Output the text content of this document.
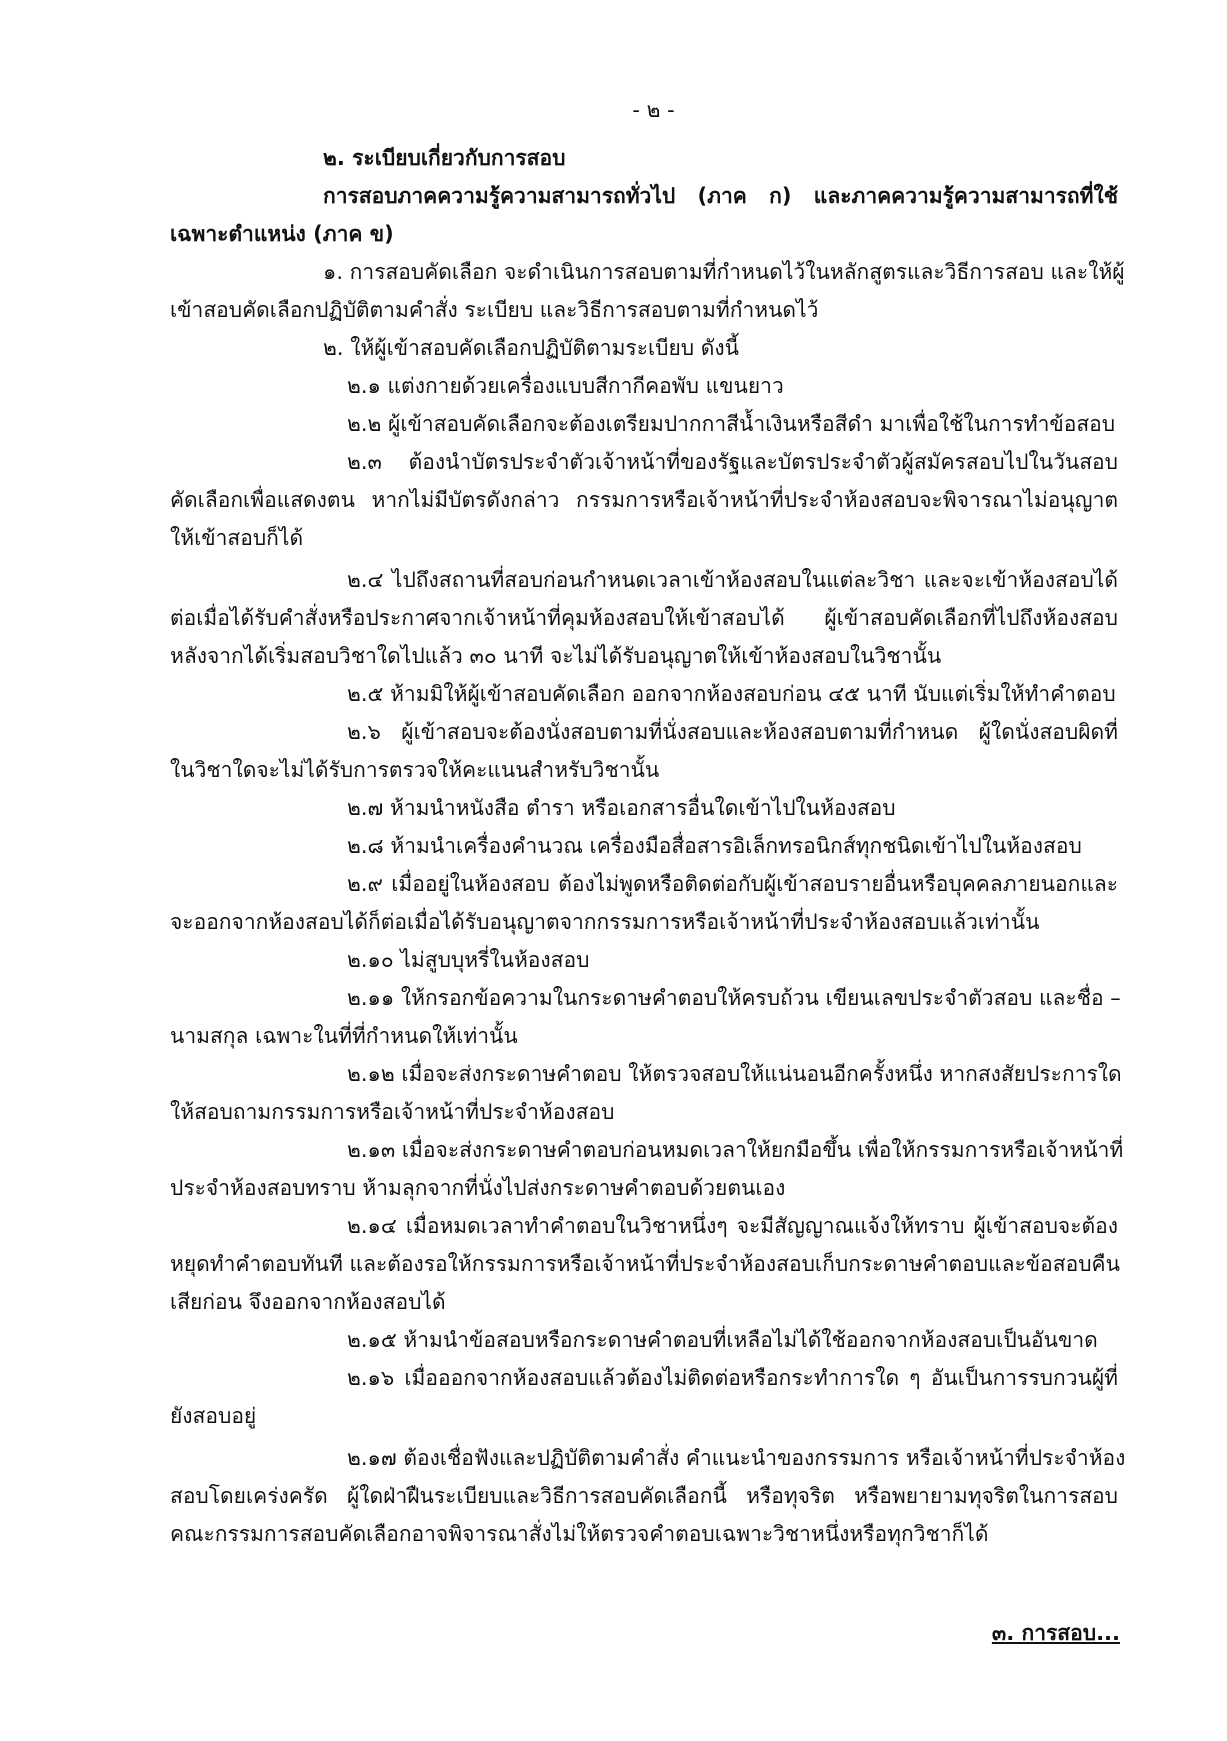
- ๒ -
๒. ระเบียบเกี่ยวกับการสอบ
การสอบภาคความรู้ความสามารถทั่วไป (ภาค ก) และภาคความรู้ความสามารถที่ใช้
เฉพาะตำแหน่ง (ภาค ข)
๑. การสอบคัดเลือก จะดำเนินการสอบตามที่กำหนดไว้ในหลักสูตรและวิธีการสอบ และให้ผู้
เข้าสอบคัดเลือกปฏิบัติตามคำสั่ง ระเบียบ และวิธีการสอบตามที่กำหนดไว้
๒. ให้ผู้เข้าสอบคัดเลือกปฏิบัติตามระเบียบ ดังนี้
๒.๑ แต่งกายด้วยเครื่องแบบสีกากีคอพับ แขนยาว
๒.๒ ผู้เข้าสอบคัดเลือกจะต้องเตรียมปากกาสีน้ำเงินหรือสีดำ มาเพื่อใช้ในการทำข้อสอบ
๒.๓ ต้องนำบัตรประจำตัวเจ้าหน้าที่ของรัฐและบัตรประจำตัวผู้สมัครสอบไปในวันสอบ
คัดเลือกเพื่อแสดงตน หากไม่มีบัตรดังกล่าว กรรมการหรือเจ้าหน้าที่ประจำห้องสอบจะพิจารณาไม่อนุญาต
ให้เข้าสอบก็ได้
๒.๔ ไปถึงสถานที่สอบก่อนกำหนดเวลาเข้าห้องสอบในแต่ละวิชา และจะเข้าห้องสอบได้
ต่อเมื่อได้รับคำสั่งหรือประกาศจากเจ้าหน้าที่คุมห้องสอบให้เข้าสอบได้ ผู้เข้าสอบคัดเลือกที่ไปถึงห้องสอบ
หลังจากได้เริ่มสอบวิชาใดไปแล้ว ๓๐ นาที จะไม่ได้รับอนุญาตให้เข้าห้องสอบในวิชานั้น
๒.๕ ห้ามมิให้ผู้เข้าสอบคัดเลือก ออกจากห้องสอบก่อน ๔๕ นาที นับแต่เริ่มให้ทำคำตอบ
๒.๖ ผู้เข้าสอบจะต้องนั่งสอบตามที่นั่งสอบและห้องสอบตามที่กำหนด ผู้ใดนั่งสอบผิดที่
ในวิชาใดจะไม่ได้รับการตรวจให้คะแนนสำหรับวิชานั้น
๒.๗ ห้ามนำหนังสือ ตำรา หรือเอกสารอื่นใดเข้าไปในห้องสอบ
๒.๘ ห้ามนำเครื่องคำนวณ เครื่องมือสื่อสารอิเล็กทรอนิกส์ทุกชนิดเข้าไปในห้องสอบ
๒.๙ เมื่ออยู่ในห้องสอบ ต้องไม่พูดหรือติดต่อกับผู้เข้าสอบรายอื่นหรือบุคคลภายนอกและ
จะออกจากห้องสอบได้ก็ต่อเมื่อได้รับอนุญาตจากกรรมการหรือเจ้าหน้าที่ประจำห้องสอบแล้วเท่านั้น
๒.๑๐ ไม่สูบบุหรี่ในห้องสอบ
๒.๑๑ ให้กรอกข้อความในกระดาษคำตอบให้ครบถ้วน เขียนเลขประจำตัวสอบ และชื่อ –
นามสกุล เฉพาะในที่ที่กำหนดให้เท่านั้น
๒.๑๒ เมื่อจะส่งกระดาษคำตอบ ให้ตรวจสอบให้แน่นอนอีกครั้งหนึ่ง หากสงสัยประการใด
ให้สอบถามกรรมการหรือเจ้าหน้าที่ประจำห้องสอบ
๒.๑๓ เมื่อจะส่งกระดาษคำตอบก่อนหมดเวลาให้ยกมือขึ้น เพื่อให้กรรมการหรือเจ้าหน้าที่
ประจำห้องสอบทราบ ห้ามลุกจากที่นั่งไปส่งกระดาษคำตอบด้วยตนเอง
๒.๑๔ เมื่อหมดเวลาทำคำตอบในวิชาหนึ่งๆ จะมีสัญญาณแจ้งให้ทราบ ผู้เข้าสอบจะต้อง
หยุดทำคำตอบทันที และต้องรอให้กรรมการหรือเจ้าหน้าที่ประจำห้องสอบเก็บกระดาษคำตอบและข้อสอบคืน
เสียก่อน จึงออกจากห้องสอบได้
๒.๑๕ ห้ามนำข้อสอบหรือกระดาษคำตอบที่เหลือไม่ได้ใช้ออกจากห้องสอบเป็นอันขาด
๒.๑๖ เมื่อออกจากห้องสอบแล้วต้องไม่ติดต่อหรือกระทำการใด ๆ อันเป็นการรบกวนผู้ที่
ยังสอบอยู่
๒.๑๗ ต้องเชื่อฟังและปฏิบัติตามคำสั่ง คำแนะนำของกรรมการ หรือเจ้าหน้าที่ประจำห้อง
สอบโดยเคร่งครัด ผู้ใดฝ่าฝืนระเบียบและวิธีการสอบคัดเลือกนี้ หรือทุจริต หรือพยายามทุจริตในการสอบ
คณะกรรมการสอบคัดเลือกอาจพิจารณาสั่งไม่ให้ตรวจคำตอบเฉพาะวิชาหนึ่งหรือทุกวิชาก็ได้
๓. การสอบ...
